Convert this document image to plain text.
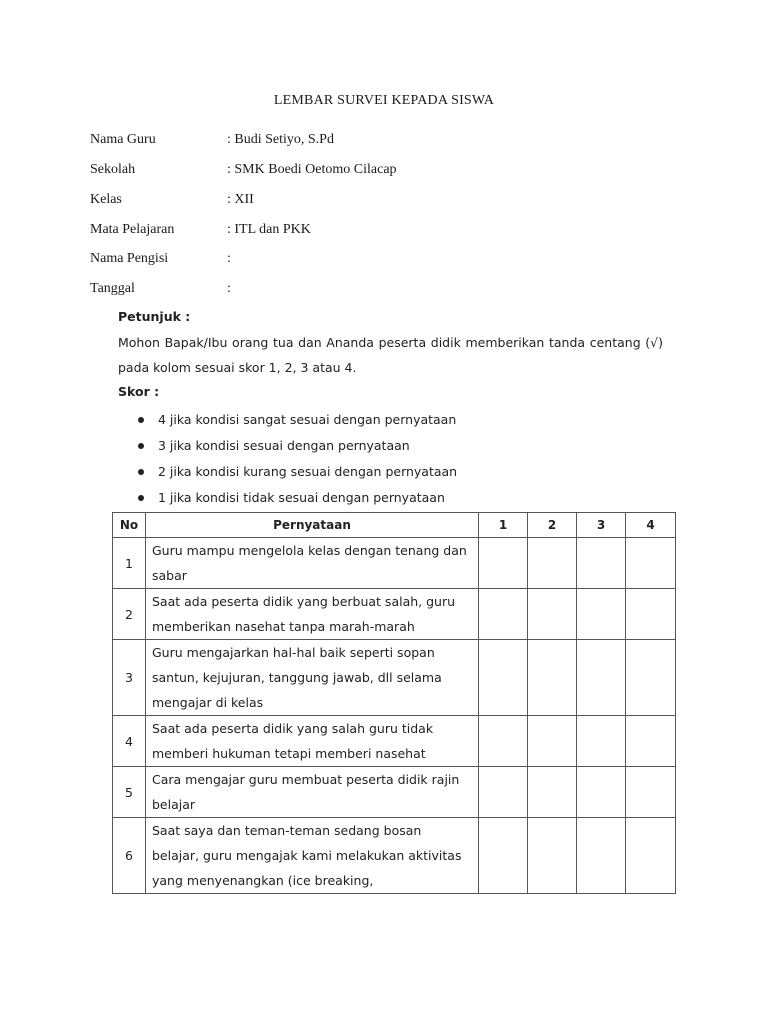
LEMBAR SURVEI KEPADA SISWA
Nama Guru	: Budi Setiyo, S.Pd
Sekolah	: SMK Boedi Oetomo Cilacap
Kelas	: XII
Mata Pelajaran	: ITL dan PKK
Nama Pengisi	:
Tanggal	:
Petunjuk :
Mohon Bapak/Ibu orang tua dan Ananda peserta didik memberikan tanda centang (√) pada kolom sesuai skor 1, 2, 3 atau 4.
Skor :
4 jika kondisi sangat sesuai dengan pernyataan
3 jika kondisi sesuai dengan pernyataan
2 jika kondisi kurang sesuai dengan pernyataan
1 jika kondisi tidak sesuai dengan pernyataan
No	Pernyataan	1	2	3	4
1	Guru mampu mengelola kelas dengan tenang dan sabar				
2	Saat ada peserta didik yang berbuat salah, guru memberikan nasehat tanpa marah-marah				
3	Guru mengajarkan hal-hal baik seperti sopan santun, kejujuran, tanggung jawab, dll selama mengajar di kelas				
4	Saat ada peserta didik yang salah guru tidak memberi hukuman tetapi memberi nasehat				
5	Cara mengajar guru membuat peserta didik rajin belajar				
6	Saat saya dan teman-teman sedang bosan belajar, guru mengajak kami melakukan aktivitas yang menyenangkan (ice breaking,				
